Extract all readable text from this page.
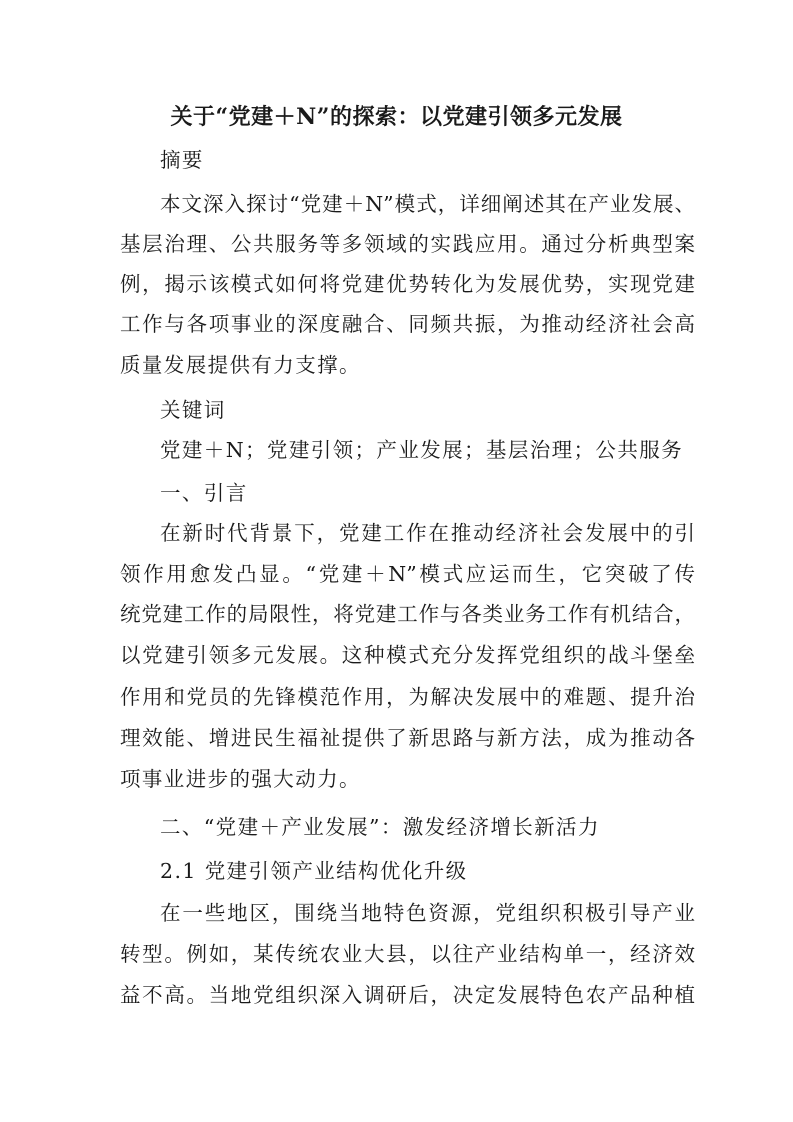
关于“党建＋N”的探索：以党建引领多元发展
摘要
本文深入探讨“党建＋N”模式，详细阐述其在产业发展、
基层治理、公共服务等多领域的实践应用。通过分析典型案
例，揭示该模式如何将党建优势转化为发展优势，实现党建
工作与各项事业的深度融合、同频共振，为推动经济社会高
质量发展提供有力支撑。
关键词
党建＋N；党建引领；产业发展；基层治理；公共服务
一、引言
在新时代背景下，党建工作在推动经济社会发展中的引
领作用愈发凸显。“党建＋N”模式应运而生，它突破了传
统党建工作的局限性，将党建工作与各类业务工作有机结合，
以党建引领多元发展。这种模式充分发挥党组织的战斗堡垒
作用和党员的先锋模范作用，为解决发展中的难题、提升治
理效能、增进民生福祉提供了新思路与新方法，成为推动各
项事业进步的强大动力。
二、“党建＋产业发展”：激发经济增长新活力
2.1 党建引领产业结构优化升级
在一些地区，围绕当地特色资源，党组织积极引导产业
转型。例如，某传统农业大县，以往产业结构单一，经济效
益不高。当地党组织深入调研后，决定发展特色农产品种植
